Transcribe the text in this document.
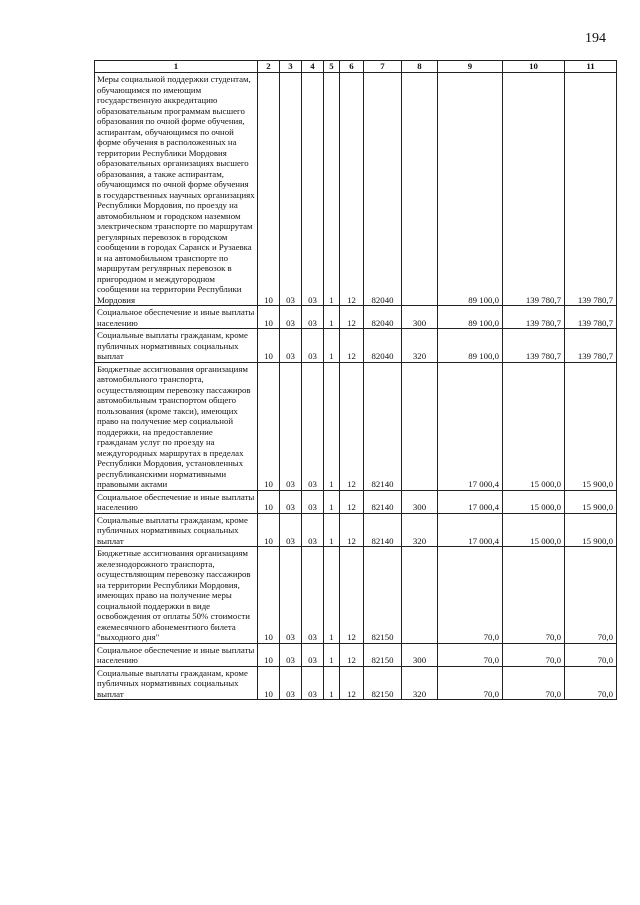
194
1	2	3	4	5	6	7	8	9	10	11
Меры социальной поддержки студентам, обучающимся по имеющим государственную аккредитацию образовательным программам высшего образования по очной форме обучения, аспирантам, обучающимся по очной форме обучения в расположенных на территории Республики Мордовия образовательных организациях высшего образования, а также аспирантам, обучающимся по очной форме обучения в государственных научных организациях Республики Мордовия, по проезду на автомобильном и городском наземном электрическом транспорте по маршрутам регулярных перевозок в городском сообщении в городах Саранск и Рузаевка и на автомобильном транспорте по маршрутам регулярных перевозок в пригородном и междугородном сообщении на территории Республики Мордовия	10	03	03	1	12	82040		89 100,0	139 780,7	139 780,7
Социальное обеспечение и иные выплаты населению	10	03	03	1	12	82040	300	89 100,0	139 780,7	139 780,7
Социальные выплаты гражданам, кроме публичных нормативных социальных выплат	10	03	03	1	12	82040	320	89 100,0	139 780,7	139 780,7
Бюджетные ассигнования организациям автомобильного транспорта, осуществляющим перевозку пассажиров автомобильным транспортом общего пользования (кроме такси), имеющих право на получение мер социальной поддержки, на предоставление гражданам услуг по проезду на междугородных маршрутах в пределах Республики Мордовия, установленных республиканскими нормативными правовыми актами	10	03	03	1	12	82140		17 000,4	15 000,0	15 900,0
Социальное обеспечение и иные выплаты населению	10	03	03	1	12	82140	300	17 000,4	15 000,0	15 900,0
Социальные выплаты гражданам, кроме публичных нормативных социальных выплат	10	03	03	1	12	82140	320	17 000,4	15 000,0	15 900,0
Бюджетные ассигнования организациям железнодорожного транспорта, осуществляющим перевозку пассажиров на территории Республики Мордовия, имеющих право на получение меры социальной поддержки в виде освобождения от оплаты 50% стоимости ежемесячного абонементного билета "выходного дня"	10	03	03	1	12	82150		70,0	70,0	70,0
Социальное обеспечение и иные выплаты населению	10	03	03	1	12	82150	300	70,0	70,0	70,0
Социальные выплаты гражданам, кроме публичных нормативных социальных выплат	10	03	03	1	12	82150	320	70,0	70,0	70,0
